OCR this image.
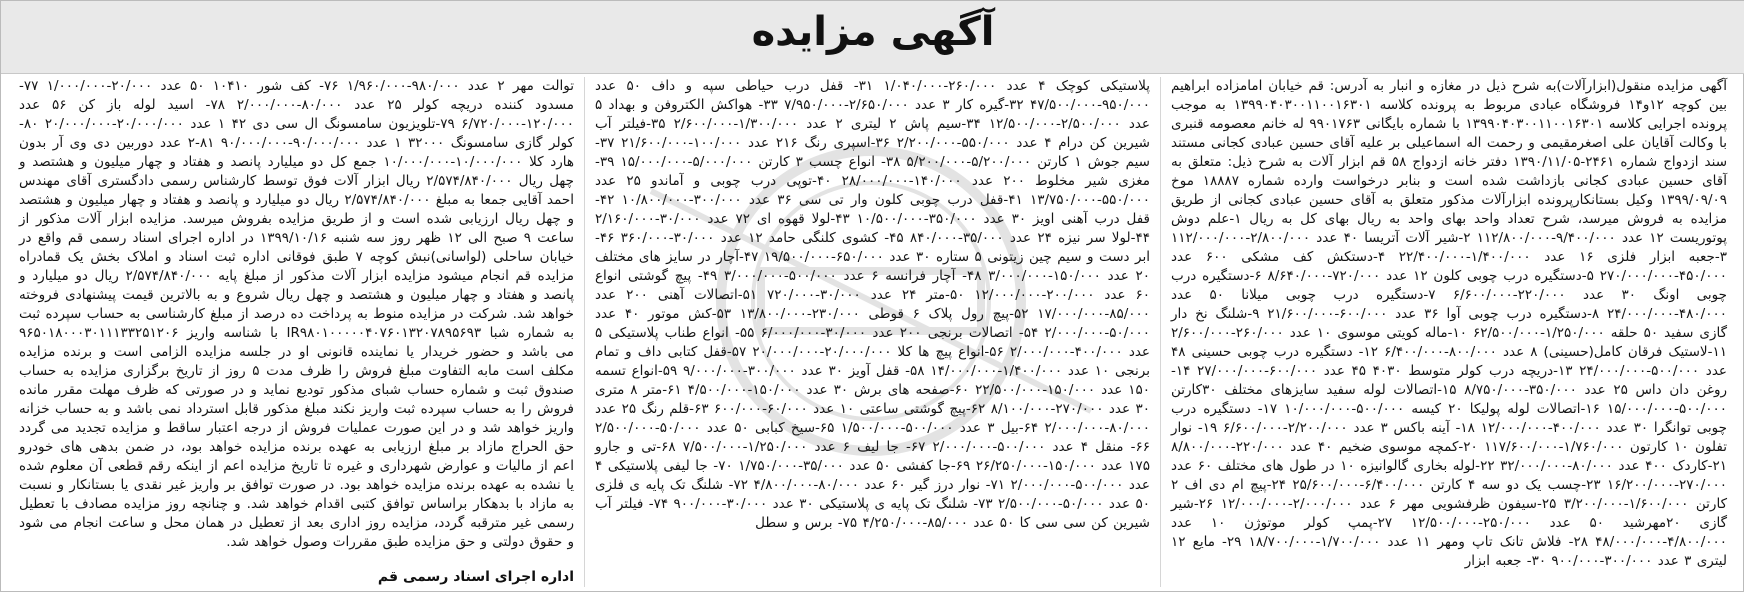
آگهی مزایده

آگهی مزایده منقول(ابزارآلات)به شرح ذیل در مغازه و انبار به آدرس: قم خیابان امامزاده ابراهیم بین کوچه ۱۲و۱۴ فروشگاه عبادی مربوط به پرونده کلاسه ۱۳۹۹۰۴۰۳۰۰۱۱۰۰۱۶۳۰۱ به موجب پرونده اجرایی کلاسه ۱۳۹۹۰۴۰۳۰۰۱۱۰۰۱۶۳۰۱ با شماره بایگانی ۹۹۰۱۷۶۳ له خانم معصومه قنبری با وکالت آقایان علی اصغرمقیمی و رحمت اله اسماعیلی بر علیه آقای حسین عبادی کجانی مستند سند ازدواج شماره ۲۴۶۱-۱۳۹۰/۱۱/۰۵ دفتر خانه ازدواج ۵۸ قم ابزار آلات به شرح ذیل: متعلق به آقای حسین عبادی کجانی بازداشت شده است و بنابر درخواست وارده شماره ۱۸۸۸۷ موخ ۱۳۹۹/۰۹/۰۹ وکیل بستانکارپرونده ابزارآلات مذکور متعلق به آقای حسین عبادی کجانی از طریق مزایده به فروش میرسد، شرح تعداد واحد بهای واحد به ریال بهای کل به ریال ۱-علم دوش پوتوریست ۱۲ عدد ۹/۴۰۰/۰۰۰-۱۱۲/۸۰۰/۰۰۰ ۲-شیر آلات آتریسا ۴۰ عدد ۲/۸۰۰/۰۰۰-۱۱۲/۰۰۰/۰۰۰ ۳-جعبه ابزار فلزی ۱۶ عدد ۱/۴۰۰/۰۰۰-۲۲/۴۰۰/۰۰۰ ۴-دستکش کف مشکی ۶۰۰ عدد ۴۵۰/۰۰۰-۲۷۰/۰۰۰/۰۰۰ ۵-دستگیره درب چوبی کلون ۱۲ عدد ۷۲۰/۰۰۰-۸/۶۴۰/۰۰۰ ۶-دستگیره درب چوبی اونگ ۳۰ عدد ۲۲۰/۰۰۰-۶/۶۰۰/۰۰۰ ۷-دستگیره درب چوبی میلانا ۵۰ عدد ۴۸۰/۰۰۰-۲۴/۰۰۰/۰۰۰ ۸-دستگیره درب چوبی آوا ۳۶ عدد ۶۰۰/۰۰۰-۲۱/۶۰۰/۰۰۰ ۹-شلنگ نخ دار گازی سفید ۵۰ حلقه ۱/۲۵۰/۰۰۰-۶۲/۵۰۰/۰۰۰ ۱۰-ماله کویتی موسوی ۱۰ عدد ۲۶۰/۰۰۰-۲/۶۰۰/۰۰۰ ۱۱-لاستیک فرقان کامل(حسینی) ۸ عدد ۸۰۰/۰۰۰-۶/۴۰۰/۰۰۰ ۱۲- دستگیره درب چوبی حسینی ۴۸ عدد ۵۰۰/۰۰۰-۲۴/۰۰۰/۰۰۰ ۱۳-دریچه درب کولر متوسط ۴۰۳۰ ۴۵ عدد ۶۰۰/۰۰۰-۲۷/۰۰۰/۰۰۰ ۱۴-روغن دان داس ۲۵ عدد ۳۵۰/۰۰۰-۸/۷۵۰/۰۰۰ ۱۵-اتصالات لوله سفید سایزهای مختلف ۳۰کارتن ۵۰۰/۰۰۰-۱۵/۰۰۰/۰۰۰ ۱۶-اتصالات لوله پولیکا ۲۰ کیسه ۵۰۰/۰۰۰-۱۰/۰۰۰/۰۰۰ ۱۷- دستگیره درب چوبی توانگرا ۳۰ عدد ۴۰۰/۰۰۰-۱۲/۰۰۰/۰۰۰ ۱۸- آینه باکس ۳ عدد ۲/۲۰۰/۰۰۰-۶/۶۰۰/۰۰۰ ۱۹- نوار تفلون ۱۰ کارتون ۱/۷۶۰/۰۰۰-۱۱۷/۶۰۰/۰۰۰ ۲۰-کمچه موسوی ضخیم ۴۰ عدد ۲۲۰/۰۰۰-۸/۸۰۰/۰۰۰ ۲۱-کاردک ۴۰۰ عدد ۸۰/۰۰۰-۳۲/۰۰۰/۰۰۰ ۲۲-لوله بخاری گالوانیزه ۱۰ در طول های مختلف ۶۰ عدد ۲۷۰/۰۰۰-۱۶/۲۰۰/۰۰۰ ۲۳-چسب یک دو سه ۴ کارتن ۶/۴۰۰/۰۰۰-۲۵/۶۰۰/۰۰۰ ۲۴-پیچ ام دی اف ۲ کارتن ۱/۶۰۰/۰۰۰-۳/۲۰۰/۰۰۰ ۲۵-سیفون ظرفشویی مهر ۶ عدد ۲/۰۰۰/۰۰۰-۱۲/۰۰۰/۰۰۰ ۲۶-شیر گازی ۲۰مهرشید ۵۰ عدد ۲۵۰/۰۰۰-۱۲/۵۰۰/۰۰۰ ۲۷-پمپ کولر موتوژن ۱۰ عدد ۴/۸۰۰/۰۰۰-۴۸/۰۰۰/۰۰۰ ۲۸- فلاش تانک تاپ ومهر ۱۱ عدد ۱/۷۰۰/۰۰۰-۱۸/۷۰۰/۰۰۰ ۲۹- مایع ۱۲ لیتری ۳ عدد ۳۰۰/۰۰۰-۹۰۰/۰۰۰ ۳۰- جعبه ابزار

پلاستیکی کوچک ۴ عدد ۲۶۰/۰۰۰-۱/۰۴۰/۰۰۰ ۳۱- قفل درب حیاطی سپه و داف ۵۰ عدد ۹۵۰/۰۰۰-۴۷/۵۰۰/۰۰۰ ۳۲-گیره کار ۳ عدد ۲/۶۵۰/۰۰۰-۷/۹۵۰/۰۰۰ ۳۳- هواکش الکتروفن و بهداد ۵ عدد ۲/۵۰۰/۰۰۰-۱۲/۵۰۰/۰۰۰ ۳۴-سیم پاش ۲ لیتری ۲ عدد ۱/۳۰۰/۰۰۰-۲/۶۰۰/۰۰۰ ۳۵-فیلتر آب شیرین کن درام ۴ عدد ۵۵۰/۰۰۰-۲/۲۰۰/۰۰۰ ۳۶-اسپری رنگ ۲۱۶ عدد ۱۰۰/۰۰۰-۲۱/۶۰۰/۰۰۰ ۳۷-سیم جوش ۱ کارتن ۵/۲۰۰/۰۰۰-۵/۲۰۰/۰۰۰ ۳۸- انواع چسب ۳ کارتن ۵/۰۰۰/۰۰۰-۱۵/۰۰۰/۰۰۰ ۳۹-مغزی شیر مخلوط ۲۰۰ عدد ۱۴۰/۰۰۰-۲۸/۰۰۰/۰۰۰ ۴۰-توپی درب چوبی و آماندو ۲۵ عدد ۵۵۰/۰۰۰-۱۳/۷۵۰/۰۰۰ ۴۱-قفل درب چوبی کلون وار تی سی ۳۶ عدد ۳۰۰/۰۰۰-۱۰/۸۰۰/۰۰۰ ۴۲-قفل درب آهنی اویز ۳۰ عدد ۳۵۰/۰۰۰-۱۰/۵۰۰/۰۰۰ ۴۳-لولا قهوه ای ۷۲ عدد ۳۰/۰۰۰-۲/۱۶۰/۰۰۰ ۴۴-لولا سر نیزه ۲۴ عدد ۳۵/۰۰۰-۸۴۰/۰۰۰ ۴۵- کشوی کلنگی حامد ۱۲ عدد ۳۰/۰۰۰-۳۶۰/۰۰۰ ۴۶-ابر دست و سیم چین زیتونی ۵ ستاره ۳۰ عدد ۶۵۰/۰۰۰-۱۹/۵۰۰/۰۰۰ ۴۷-آچار در سایز های مختلف ۲۰ عدد ۱۵۰/۰۰۰-۳/۰۰۰/۰۰۰ ۴۸- آچار فرانسه ۶ عدد ۵۰۰/۰۰۰-۳/۰۰۰/۰۰۰ ۴۹- پیچ گوشتی انواع ۶۰ عدد ۲۰۰/۰۰۰-۱۲/۰۰۰/۰۰۰ ۵۰-متر ۲۴ عدد ۳۰/۰۰۰-۷۲۰/۰۰۰ ۵۱-اتصالات آهنی ۲۰۰ عدد ۸۵/۰۰۰-۱۷/۰۰۰/۰۰۰ ۵۲-پیچ رول پلاک ۶ قوطی ۲۳۰/۰۰۰-۱۳/۸۰۰/۰۰۰ ۵۳-کش موتور ۴۰ عدد ۵۰/۰۰۰-۲/۰۰۰/۰۰۰ ۵۴- اتصالات برنجی ۲۰۰ عدد ۳۰/۰۰۰-۶/۰۰۰/۰۰۰ ۵۵- انواع طناب پلاستیکی ۵ عدد ۴۰۰/۰۰۰-۲/۰۰۰/۰۰۰ ۵۶-انواع پیچ ها کلا ۲۰/۰۰۰/۰۰۰-۲۰/۰۰۰/۰۰۰ ۵۷-قفل کتابی داف و تمام برنجی ۱۰ عدد ۱/۴۰۰/۰۰۰-۱۴/۰۰۰/۰۰۰ ۵۸- قفل آویز ۳۰ عدد ۳۰۰/۰۰۰-۹/۰۰۰/۰۰۰ ۵۹-انواع تسمه ۱۵۰ عدد ۱۵۰/۰۰۰-۲۲/۵۰۰/۰۰۰ ۶۰-صفحه های برش ۳۰ عدد ۱۵۰/۰۰۰-۴/۵۰۰/۰۰۰ ۶۱-متر ۸ متری ۳۰ عدد ۲۷۰/۰۰۰-۸/۱۰۰/۰۰۰ ۶۲-پیچ گوشتی ساعتی ۱۰ عدد ۶۰/۰۰۰-۶۰۰/۰۰۰ ۶۳-قلم رنگ ۲۵ عدد ۸۰/۰۰۰-۲/۰۰۰/۰۰۰ ۶۴-بیل ۳ عدد ۵۰۰/۰۰۰-۱/۵۰۰/۰۰۰ ۶۵-سیخ کبابی ۵۰ عدد ۵۰/۰۰۰-۲/۵۰۰/۰۰۰ ۶۶- منقل ۴ عدد ۵۰۰/۰۰۰-۲/۰۰۰/۰۰۰ ۶۷- جا لیف ۶ عدد ۱/۲۵۰/۰۰۰-۷/۵۰۰/۰۰۰ ۶۸-تی و جارو ۱۷۵ عدد ۱۵۰/۰۰۰-۲۶/۲۵۰/۰۰۰ ۶۹-جا کفشی ۵۰ عدد ۳۵/۰۰۰-۱/۷۵۰/۰۰۰ ۷۰- جا لیفی پلاستیکی ۴ عدد ۵۰۰/۰۰۰-۲/۰۰۰/۰۰۰ ۷۱- نوار درز گیر ۶۰ عدد ۸۰/۰۰۰-۴/۸۰۰/۰۰۰ ۷۲- شلنگ تک پایه ی فلزی ۵۰ عدد ۵۰/۰۰۰-۲/۵۰۰/۰۰۰ ۷۳- شلنگ تک پایه ی پلاستیکی ۳۰ عدد ۳۰/۰۰۰-۹۰۰/۰۰۰ ۷۴- فیلتر آب شیرین کن سی سی کا ۵۰ عدد ۸۵/۰۰۰-۴/۲۵۰/۰۰۰ ۷۵- برس و سطل

توالت مهر ۲ عدد ۹۸۰/۰۰۰-۱/۹۶۰/۰۰۰ ۷۶- کف شور ۱۰۴۱۰ ۵۰ عدد ۲۰/۰۰۰-۱/۰۰۰/۰۰۰ ۷۷- مسدود کننده دریچه کولر ۲۵ عدد ۸۰/۰۰۰-۲/۰۰۰/۰۰۰ ۷۸- اسید لوله باز کن ۵۶ عدد ۱۲۰/۰۰۰-۶/۷۲۰/۰۰۰ ۷۹-تلویزیون سامسونگ ال سی دی ۴۲ ۱ عدد ۲۰/۰۰۰/۰۰۰-۲۰/۰۰۰/۰۰۰ ۸۰- کولر گازی سامسونگ ۳۲۰۰۰ ۱ عدد ۹۰/۰۰۰/۰۰۰-۹۰/۰۰۰/۰۰۰ ۸۱-۲ عدد دوربین دی وی آر بدون هارد کلا ۱۰/۰۰۰/۰۰۰-۱۰/۰۰۰/۰۰۰ جمع کل دو میلیارد پانصد و هفتاد و چهار میلیون و هشتصد و چهل ریال ۲/۵۷۴/۸۴۰/۰۰۰ ریال ابزار آلات فوق توسط کارشناس رسمی دادگستری آقای مهندس احمد آقایی جمعا به مبلغ ۲/۵۷۴/۸۴۰/۰۰۰ ریال دو میلیارد و پانصد و هفتاد و چهار میلیون و هشتصد و چهل ریال ارزیابی شده است و از طریق مزایده بفروش میرسد. مزایده ابزار آلات مذکور از ساعت ۹ صبح الی ۱۲ ظهر روز سه شنبه ۱۳۹۹/۱۰/۱۶ در اداره اجرای اسناد رسمی قم واقع در خیابان ساحلی (لواسانی)نبش کوچه ۷ طبق فوقانی اداره ثبت اسناد و املاک بخش یک قمادراه مزایده قم انجام میشود مزایده ابزار آلات مذکور از مبلغ پایه ۲/۵۷۴/۸۴۰/۰۰۰ ریال دو میلیارد و پانصد و هفتاد و چهار میلیون و هشتصد و چهل ریال شروع و به بالاترین قیمت پیشنهادی فروخته خواهد شد. شرکت در مزایده منوط به پرداخت ده درصد از مبلغ کارشناسی به حساب سپرده ثبت به شماره شبا IR۹۸۰۱۰۰۰۰۰۴۰۷۶۰۱۳۲۰۷۸۹۵۶۹۳ با شناسه واریز ۹۶۵۰۱۸۰۰۰۳۰۱۱۱۳۳۲۵۱۲۰۶ می باشد و حضور خریدار یا نماینده قانونی او در جلسه مزایده الزامی است و برنده مزایده مکلف است مابه التفاوت مبلغ فروش را ظرف مدت ۵ روز از تاریخ برگزاری مزایده به حساب صندوق ثبت و شماره حساب شبای مذکور تودیع نماید و در صورتی که ظرف مهلت مقرر مانده فروش را به حساب سپرده ثبت واریز نکند مبلغ مذکور قابل استرداد نمی باشد و به حساب خزانه واریز خواهد شد و در این صورت عملیات فروش از درجه اعتبار ساقط و مزایده تجدید می گردد حق الحراج مازاد بر مبلغ ارزیابی به عهده برنده مزایده خواهد بود، در ضمن بدهی های خودرو اعم از مالیات و عوارض شهرداری و غیره تا تاریخ مزایده اعم از اینکه رقم قطعی آن معلوم شده یا نشده به عهده برنده مزایده خواهد بود. در صورت توافق بر واریز غیر نقدی یا بستانکار و نسبت به مازاد با بدهکار براساس توافق کتبی اقدام خواهد شد. و چنانچه روز مزایده مصادف با تعطیل رسمی غیر مترقبه گردد، مزایده روز اداری بعد از تعطیل در همان محل و ساعت انجام می شود و حقوق دولتی و حق مزایده طبق مقررات وصول خواهد شد.

اداره اجرای اسناد رسمی قم
